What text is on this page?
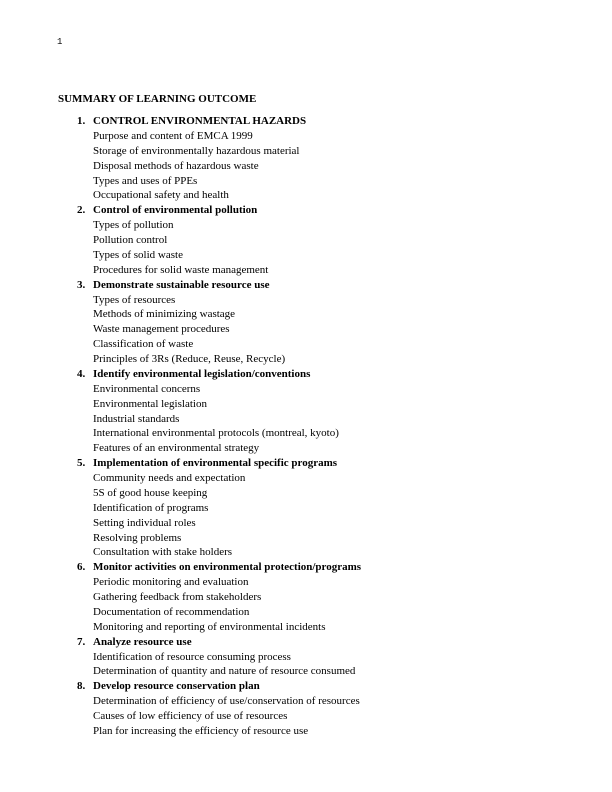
1
SUMMARY OF LEARNING OUTCOME
1. CONTROL ENVIRONMENTAL HAZARDS
Purpose and content of EMCA 1999
Storage of environmentally hazardous material
Disposal methods of hazardous waste
Types and uses of PPEs
Occupational safety and health
2. Control of environmental pollution
Types of pollution
Pollution control
Types of solid waste
Procedures for solid waste management
3. Demonstrate sustainable resource use
Types of resources
Methods of minimizing wastage
Waste management procedures
Classification of waste
Principles of 3Rs (Reduce, Reuse, Recycle)
4. Identify environmental legislation/conventions
Environmental concerns
Environmental legislation
Industrial standards
International environmental protocols (montreal, kyoto)
Features of an environmental strategy
5. Implementation of environmental specific programs
Community needs and expectation
5S of good house keeping
Identification of programs
Setting individual roles
Resolving problems
Consultation with stake holders
6. Monitor activities on environmental protection/programs
Periodic monitoring and evaluation
Gathering feedback from stakeholders
Documentation of recommendation
Monitoring and reporting of environmental incidents
7. Analyze resource use
Identification of resource consuming process
Determination of quantity and nature of resource consumed
8. Develop resource conservation plan
Determination of efficiency of use/conservation of resources
Causes of low efficiency of use of resources
Plan for increasing the efficiency of resource use
